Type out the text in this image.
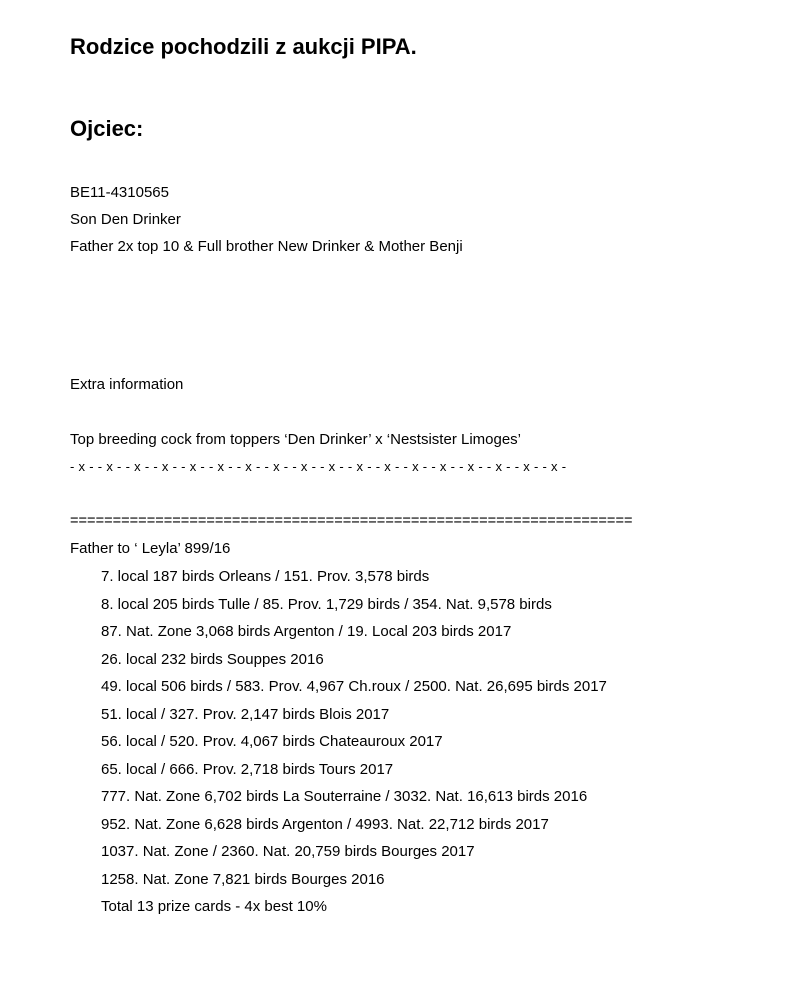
Rodzice pochodzili z aukcji PIPA.
Ojciec:
BE11-4310565
Son Den Drinker
Father 2x top 10 & Full brother New Drinker & Mother Benji
Extra information
Top breeding cock from toppers ‘Den Drinker’ x ‘Nestsister Limoges’
- x - - x - - x - - x - - x - - x - - x - - x - - x - - x - - x - - x - - x - - x - - x - - x - - x - - x -
==================================================================
Father to ‘ Leyla’ 899/16
7. local 187 birds Orleans / 151. Prov. 3,578 birds
8. local 205 birds Tulle / 85. Prov. 1,729 birds / 354. Nat. 9,578 birds
87. Nat. Zone 3,068 birds Argenton / 19. Local 203 birds 2017
26. local 232 birds Souppes 2016
49. local 506 birds / 583. Prov. 4,967 Ch.roux / 2500. Nat. 26,695 birds 2017
51. local / 327. Prov. 2,147 birds Blois 2017
56. local / 520. Prov. 4,067 birds Chateauroux 2017
65. local / 666. Prov. 2,718 birds Tours 2017
777. Nat. Zone 6,702 birds La Souterraine / 3032. Nat. 16,613 birds 2016
952. Nat. Zone 6,628 birds Argenton / 4993. Nat. 22,712 birds 2017
1037. Nat. Zone / 2360. Nat. 20,759 birds Bourges 2017
1258. Nat. Zone 7,821 birds Bourges 2016
Total 13 prize cards - 4x best 10%
